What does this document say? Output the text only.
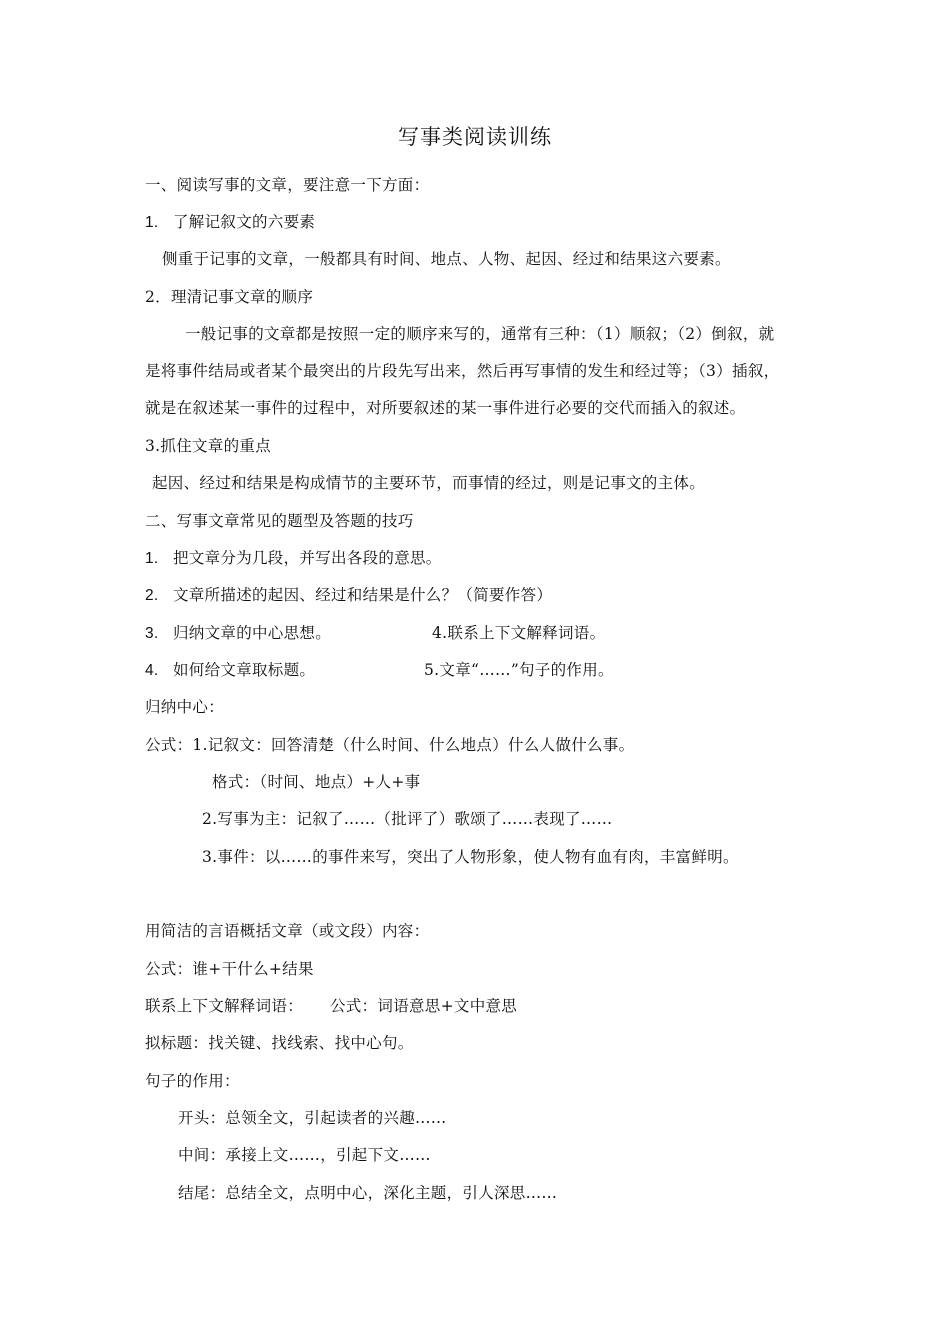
写事类阅读训练
一、阅读写事的文章，要注意一下方面：
1. 了解记叙文的六要素
侧重于记事的文章，一般都具有时间、地点、人物、起因、经过和结果这六要素。
2．理清记事文章的顺序
一般记事的文章都是按照一定的顺序来写的，通常有三种：（1）顺叙；（2）倒叙，就
是将事件结局或者某个最突出的片段先写出来，然后再写事情的发生和经过等；（3）插叙，
就是在叙述某一事件的过程中，对所要叙述的某一事件进行必要的交代而插入的叙述。
3.抓住文章的重点
起因、经过和结果是构成情节的主要环节，而事情的经过，则是记事文的主体。
二、写事文章常见的题型及答题的技巧
1. 把文章分为几段，并写出各段的意思。
2. 文章所描述的起因、经过和结果是什么？（简要作答）
3. 归纳文章的中心思想。	4.联系上下文解释词语。
4. 如何给文章取标题。	5.文章“……”句子的作用。
归纳中心：
公式：1.记叙文：回答清楚（什么时间、什么地点）什么人做什么事。
格式：（时间、地点）+人+事
2.写事为主：记叙了……（批评了）歌颂了……表现了……
3.事件：以……的事件来写，突出了人物形象，使人物有血有肉，丰富鲜明。
用简洁的言语概括文章（或文段）内容：
公式：谁+干什么+结果
联系上下文解释词语： 公式：词语意思+文中意思
拟标题：找关键、找线索、找中心句。
句子的作用：
开头：总领全文，引起读者的兴趣……
中间：承接上文……，引起下文……
结尾：总结全文，点明中心，深化主题，引人深思……
